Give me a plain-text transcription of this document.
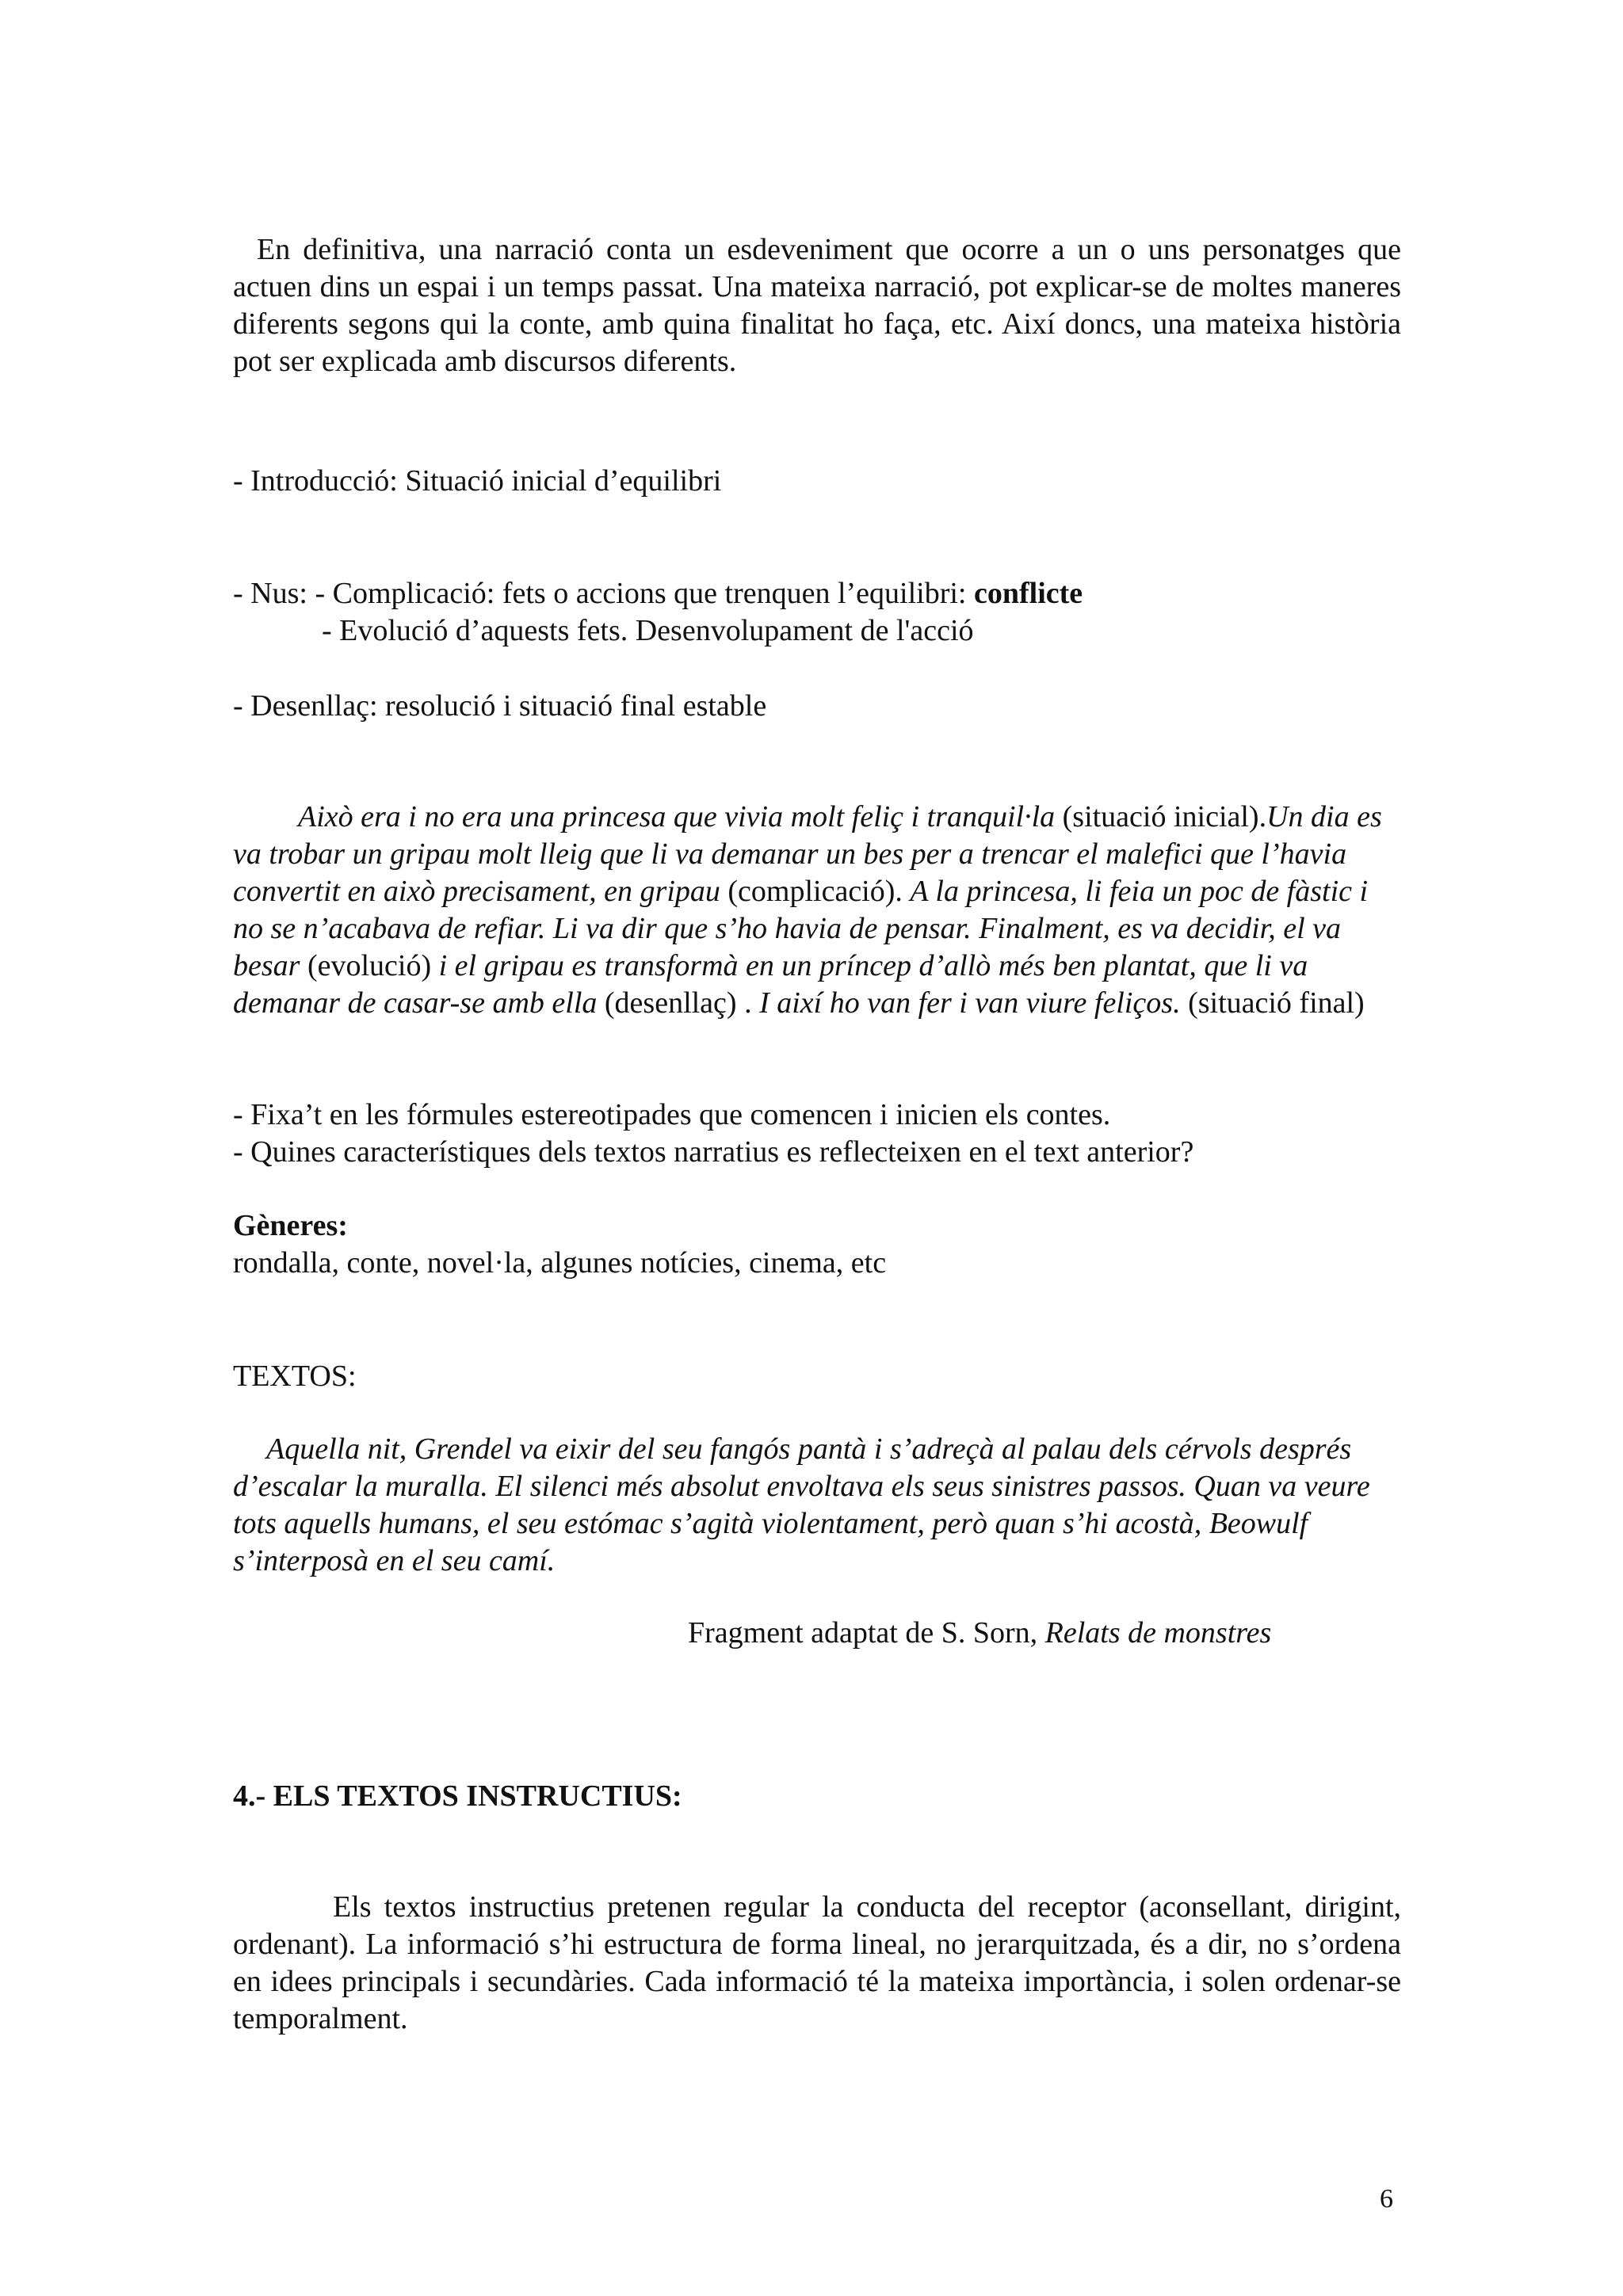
En definitiva, una narració conta un esdeveniment que ocorre a un o uns personatges que actuen dins un espai i un temps passat. Una mateixa narració, pot explicar-se de moltes maneres diferents segons qui la conte, amb quina finalitat ho faça, etc. Així doncs, una mateixa història pot ser explicada amb discursos diferents.
- Introducció: Situació inicial d’equilibri
- Nus: - Complicació: fets o accions que trenquen l’equilibri: conflicte
- Evolució d’aquests fets. Desenvolupament de l'acció
- Desenllaç: resolució i situació final estable
Això era i no era una princesa que vivia molt feliç i tranquil·la (situació inicial).Un dia es va trobar un gripau molt lleig que li va demanar un bes per a trencar el malefici que l’havia convertit en això precisament, en gripau (complicació). A la princesa, li feia un poc de fàstic i no se n’acabava de refiar. Li va dir que s’ho havia de pensar. Finalment, es va decidir, el va besar (evolució) i el gripau es transformà en un príncep d’allò més ben plantat, que li va demanar de casar-se amb ella (desenllaç) . I així ho van fer i van viure feliços. (situació final)
- Fixa’t en les fórmules estereotipades que comencen i inicien els contes.
- Quines característiques dels textos narratius es reflecteixen en el text anterior?
Gèneres:
rondalla, conte, novel·la, algunes notícies, cinema, etc
TEXTOS:
Aquella nit, Grendel va eixir del seu fangós pantà i s’adreçà al palau dels cérvols després d’escalar la muralla. El silenci més absolut envoltava els seus sinistres passos. Quan va veure tots aquells humans, el seu estómac s’agità violentament, però quan s’hi acostà, Beowulf s’interposà en el seu camí.
Fragment adaptat de S. Sorn, Relats de monstres
4.- ELS TEXTOS INSTRUCTIUS:
Els textos instructius pretenen regular la conducta del receptor (aconsellant, dirigint, ordenant). La informació s’hi estructura de forma lineal, no jerarquitzada, és a dir, no s’ordena en idees principals i secundàries. Cada informació té la mateixa importància, i solen ordenar-se temporalment.
6
